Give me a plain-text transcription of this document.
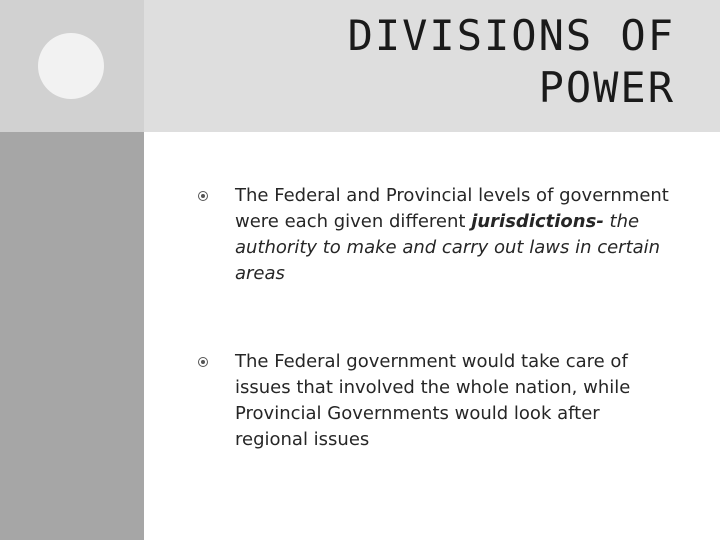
DIVISIONS OF
POWER
The Federal and Provincial levels of government were each given different jurisdictions- the authority to make and carry out laws in certain areas
The Federal government would take care of issues that involved the whole nation, while Provincial Governments would look after regional issues
